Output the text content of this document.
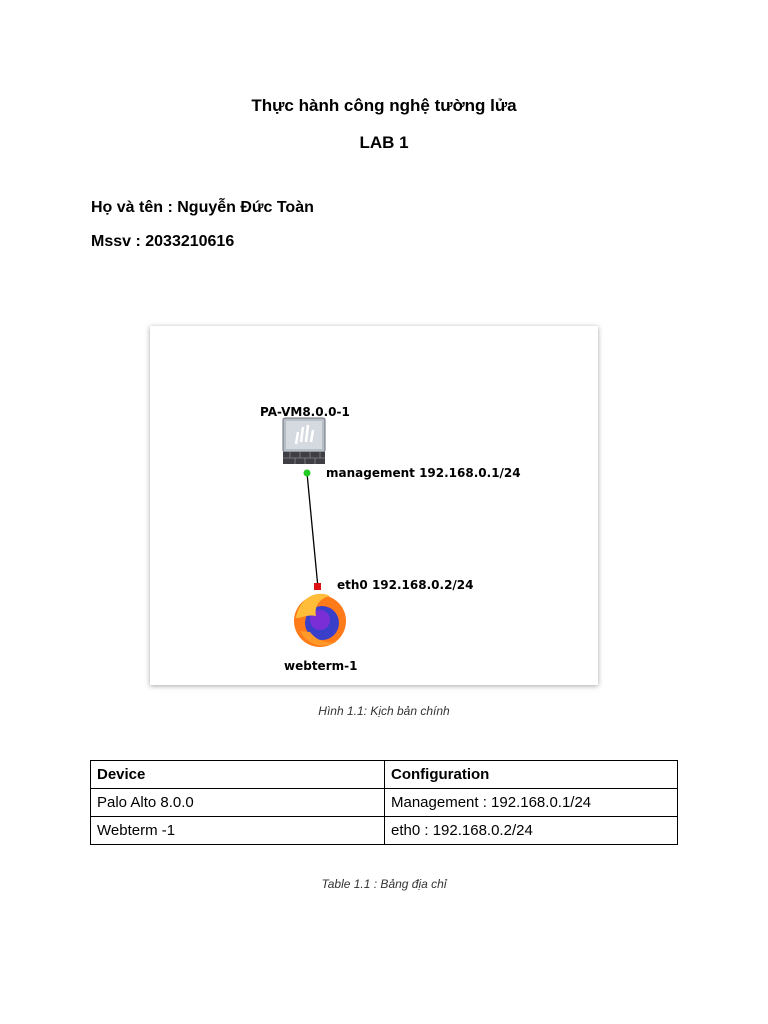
Thực hành công nghệ tường lửa
LAB 1
Họ và tên : Nguyễn Đức Toàn
Mssv : 2033210616
PA-VM8.0.0-1
management 192.168.0.1/24
eth0 192.168.0.2/24
webterm-1
Hình 1.1: Kịch bản chính
Device	Configuration
Palo Alto 8.0.0	Management : 192.168.0.1/24
Webterm -1	eth0 : 192.168.0.2/24
Table 1.1 : Bảng địa chỉ
